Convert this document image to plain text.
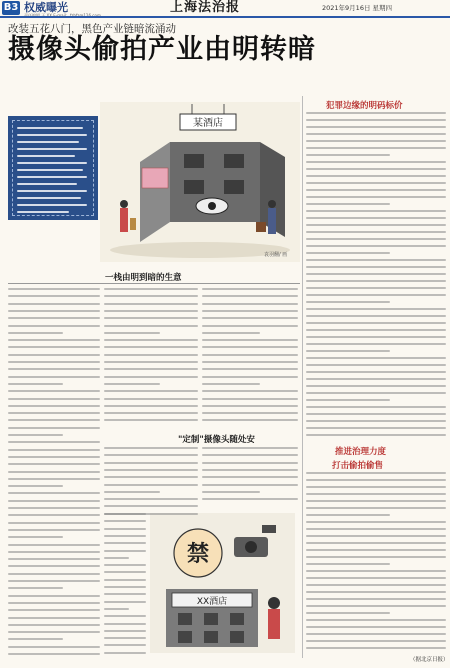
B3 权威曝光	上海法治报	2021年9月16日 星期四
改装五花八门，黑色产业链暗流涌动
摄像头偷拍产业由明转暗
某酒店
袁羽翻/ 画
一栈由明到暗的生意
犯罪边缘的明码标价
"定制"摄像头随处安
推进治理力度
打击偷拍偷售
禁
XX酒店
（据北京日报）
